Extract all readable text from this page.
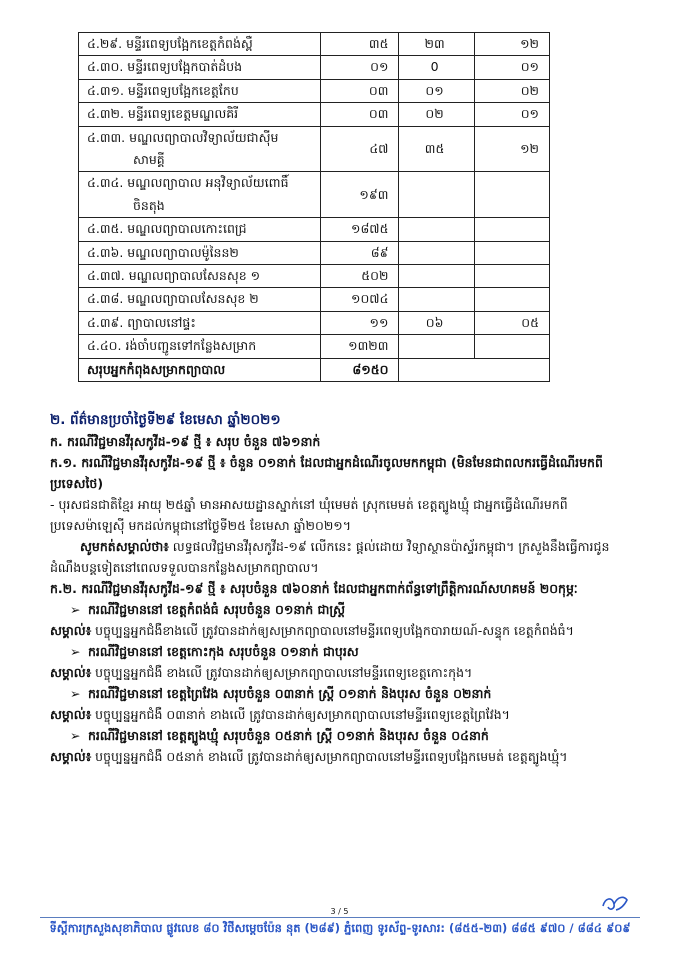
៤.២៩. មន្ទីរពេទ្យបង្អែកខេត្តកំពង់ស្ពឺ	៣៥	២៣	១២
៤.៣០. មន្ទីរពេទ្យបង្អែកបាត់ដំបង	០១	0	០១
៤.៣១. មន្ទីរពេទ្យបង្អែកខេត្តកែប	០៣	០១	០២
៤.៣២. មន្ទីរពេទ្យខេត្តមណ្ឌលគិរី	០៣	០២	០១
៤.៣៣. មណ្ឌលព្យាបាលវិទ្យាល័យជាស៊ីម
សាមគ្គី	៤៧	៣៥	១២
៤.៣៤. មណ្ឌលព្យាបាល អនុវិទ្យាល័យពោធិ៍
ចិនតុង	១៩៣		
៤.៣៥. មណ្ឌលព្យាបាលកោះពេជ្រ	១៨៧៥		
៤.៣៦. មណ្ឌលព្យាបាលម៉ូនៃន២	៨៩		
៤.៣៧. មណ្ឌលព្យាបាលសែនសុខ ១	៥០២		
៤.៣៨. មណ្ឌលព្យាបាលសែនសុខ ២	១០៧៤		
៤.៣៩. ព្យាបាលនៅផ្ទះ	១១	០៦	០៥
៤.៤០. រង់ចាំបញ្ជូនទៅកន្លែងសម្រាក	១៣២៣		
សរុបអ្នកកំពុងសម្រាកព្យាបាល	៨១៥០		
២. ព័ត៌មានប្រចាំថ្ងៃទី២៩ ខែមេសា ឆ្នាំ២០២១
ក. ករណីវិជ្ជមានវីរុសកូវីដ-១៩ ថ្មី ៖ សរុប ចំនួន ៧៦១នាក់
ក.១. ករណីវិជ្ជមានវីរុសកូវីដ-១៩ ថ្មី ៖ ចំនួន ០១នាក់ ដែលជាអ្នកដំណើរចូលមកកម្ពុជា (មិនមែនជាពលករធ្វើដំណើរមកពីប្រទេសថៃ)
- បុរសជនជាតិខ្មែរ អាយុ ២៥ឆ្នាំ មានអាសយដ្ឋានស្នាក់នៅ ឃុំមេមត់ ស្រុកមេមត់ ខេត្តត្បូងឃ្មុំ ជាអ្នកធ្វើដំណើរមកពីប្រទេសម៉ាឡេស៊ី មកដល់កម្ពុជានៅថ្ងៃទី២៥ ខែមេសា ឆ្នាំ២០២១។
សូមកត់សម្គាល់ថា៖ លទ្ធផលវិជ្ជមានវីរុសកូវីដ-១៩ លើកនេះ ផ្តល់ដោយ វិទ្យាស្ថានប៉ាស្ទ័រកម្ពុជា។ ក្រសួងនឹងធ្វើការជូនដំណឹងបន្តទៀតនៅពេលទទួលបានកន្លែងសម្រាកព្យាបាល។
ក.២. ករណីវិជ្ជមានវីរុសកូវីដ-១៩ ថ្មី ៖ សរុបចំនួន ៧៦០នាក់ ដែលជាអ្នកពាក់ព័ន្ធទៅព្រឹត្តិការណ៍សហគមន៍ ២០កុម្ភៈ
➢ ករណីវិជ្ជមាននៅ ខេត្តកំពង់ធំ សរុបចំនួន ០១នាក់ ជាស្ត្រី
សម្គាល់៖ បច្ចុប្បន្នអ្នកជំងឺខាងលើ ត្រូវបានដាក់ឲ្យសម្រាកព្យាបាលនៅមន្ទីរពេទ្យបង្អែកបារាយណ៍-សន្ទុក ខេត្តកំពង់ធំ។
➢ ករណីវិជ្ជមាននៅ ខេត្តកោះកុង សរុបចំនួន ០១នាក់ ជាបុរស
សម្គាល់៖ បច្ចុប្បន្នអ្នកជំងឺ ខាងលើ ត្រូវបានដាក់ឲ្យសម្រាកព្យាបាលនៅមន្ទីរពេទ្យខេត្តកោះកុង។
➢ ករណីវិជ្ជមាននៅ ខេត្តព្រៃវែង សរុបចំនួន ០៣នាក់ ស្ត្រី ០១នាក់ និងបុរស ចំនួន ០២នាក់
សម្គាល់៖ បច្ចុប្បន្នអ្នកជំងឺ ០៣នាក់ ខាងលើ ត្រូវបានដាក់ឲ្យសម្រាកព្យាបាលនៅមន្ទីរពេទ្យខេត្តព្រៃវែង។
➢ ករណីវិជ្ជមាននៅ ខេត្តត្បូងឃ្មុំ សរុបចំនួន ០៥នាក់ ស្ត្រី ០១នាក់ និងបុរស ចំនួន ០៤នាក់
សម្គាល់៖ បច្ចុប្បន្នអ្នកជំងឺ ០៥នាក់ ខាងលើ ត្រូវបានដាក់ឲ្យសម្រាកព្យាបាលនៅមន្ទីរពេទ្យបង្អែកមេមត់ ខេត្តត្បូងឃ្មុំ។
3 / 5
ទីស្តីការក្រសួងសុខាភិបាល ផ្លូវលេខ ៨០ វិថីសម្តេចប៉ែន នុត (២៨៩) ភ្នំពេញ ទូរស័ព្ទ-ទូរសារ: (៨៥៥-២៣) ៨៨៥ ៩៧០ / ៨៨៤ ៩០៩
